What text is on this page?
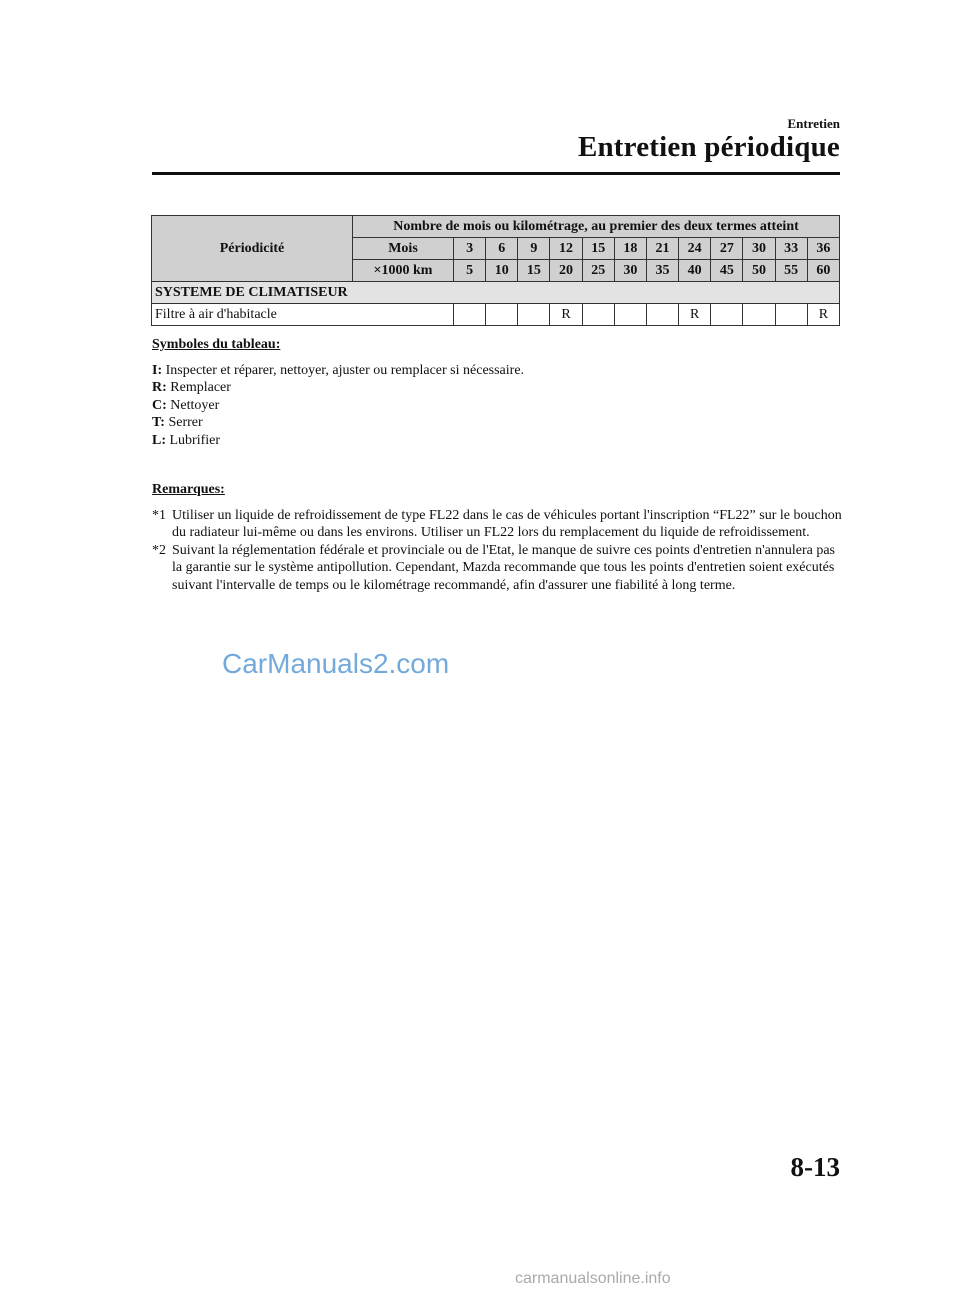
Entretien
Entretien périodique
Périodicité	Nombre de mois ou kilométrage, au premier des deux termes atteint												
	Mois	3	6	9	12	15	18	21	24	27	30	33	36
	×1000 km	5	10	15	20	25	30	35	40	45	50	55	60
SYSTEME DE CLIMATISEUR													
Filtre à air d'habitacle					R				R				R

Symboles du tableau:

I: Inspecter et réparer, nettoyer, ajuster ou remplacer si nécessaire.

R: Remplacer

C: Nettoyer

T: Serrer

L: Lubrifier

Remarques:

*1 Utiliser un liquide de refroidissement de type FL22 dans le cas de véhicules portant l'inscription “FL22” sur le bouchon du radiateur lui-même ou dans les environs. Utiliser un FL22 lors du remplacement du liquide de refroidissement.

*2 Suivant la réglementation fédérale et provinciale ou de l'Etat, le manque de suivre ces points d'entretien n'annulera pas la garantie sur le système antipollution. Cependant, Mazda recommande que tous les points d'entretien soient exécutés suivant l'intervalle de temps ou le kilométrage recommandé, afin d'assurer une fiabilité à long terme.

CarManuals2.com
8-13
carmanualsonline.info
